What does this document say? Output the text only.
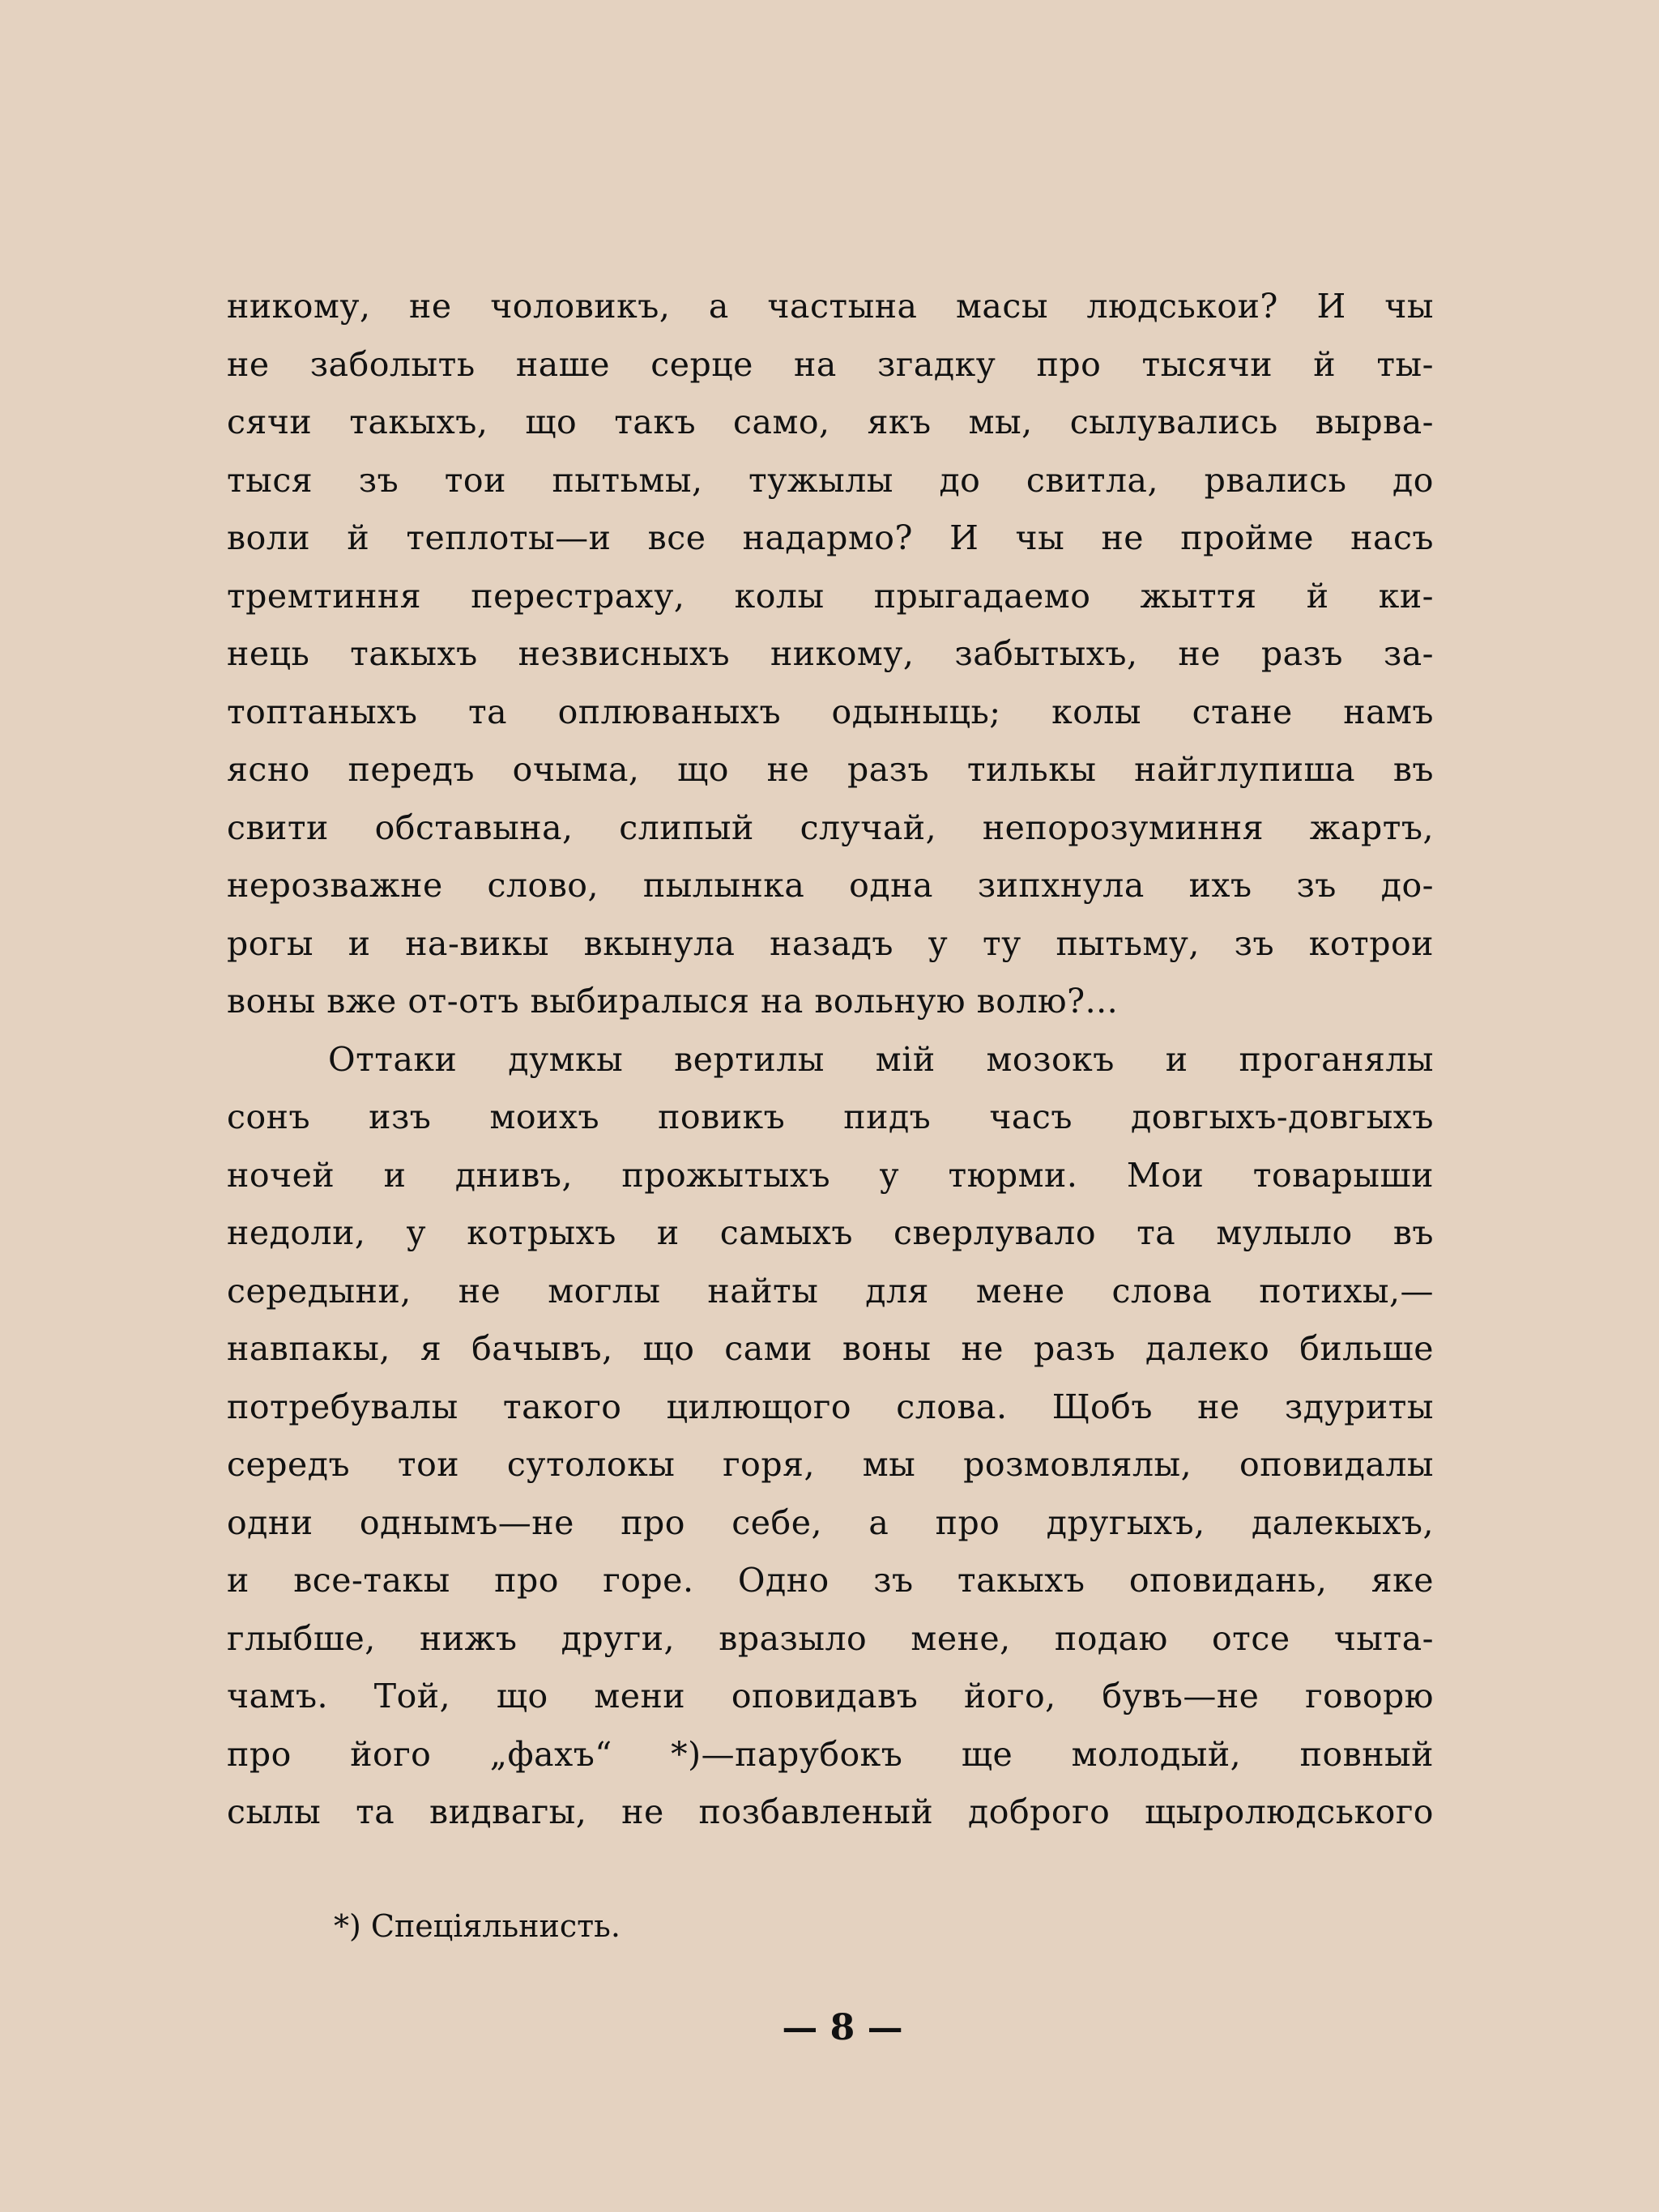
никому, не чоловикъ, а частына масы людськои? И чы
не заболыть наше серце на згадку про тысячи й ты-
сячи такыхъ, що такъ само, якъ мы, сылувались вырва-
тыся зъ тои пытьмы, тужылы до свитла, рвались до
воли й теплоты—и все надармо? И чы не пройме насъ
тремтиння перестраху, колы прыгадаемо жыття й ки-
нець такыхъ незвисныхъ никому, забытыхъ, не разъ за-
топтаныхъ та оплюваныхъ одыныць; колы стане намъ
ясно передъ очыма, що не разъ тилькы найглупиша въ
свити обставына, слипый случай, непорозуминня жартъ,
нерозважне слово, пылынка одна зипхнула ихъ зъ до-
рогы и на-викы вкынула назадъ у ту пытьму, зъ котрои
воны вже от-отъ выбиралыся на вольную волю?...
Оттаки думкы вертилы мій мозокъ и проганялы
сонъ изъ моихъ повикъ пидъ часъ довгыхъ-довгыхъ
ночей и днивъ, прожытыхъ у тюрми. Мои товарыши
недоли, у котрыхъ и самыхъ сверлувало та мулыло въ
середыни, не моглы найты для мене слова потихы,—
навпакы, я бачывъ, що сами воны не разъ далеко бильше
потребувалы такого цилющого слова. Щобъ не здуриты
середъ тои сутолокы горя, мы розмовлялы, оповидалы
одни однымъ—не про себе, а про другыхъ, далекыхъ,
и все-такы про горе. Одно зъ такыхъ оповидань, яке
глыбше, нижъ други, вразыло мене, подаю отсе чыта-
чамъ. Той, що мени оповидавъ його, бувъ—не говорю
про його „фахъ“ *)—парубокъ ще молодый, повный
сылы та видвагы, не позбавленый доброго щыролюдського
*) Спеціяльнисть.
— 8 —
